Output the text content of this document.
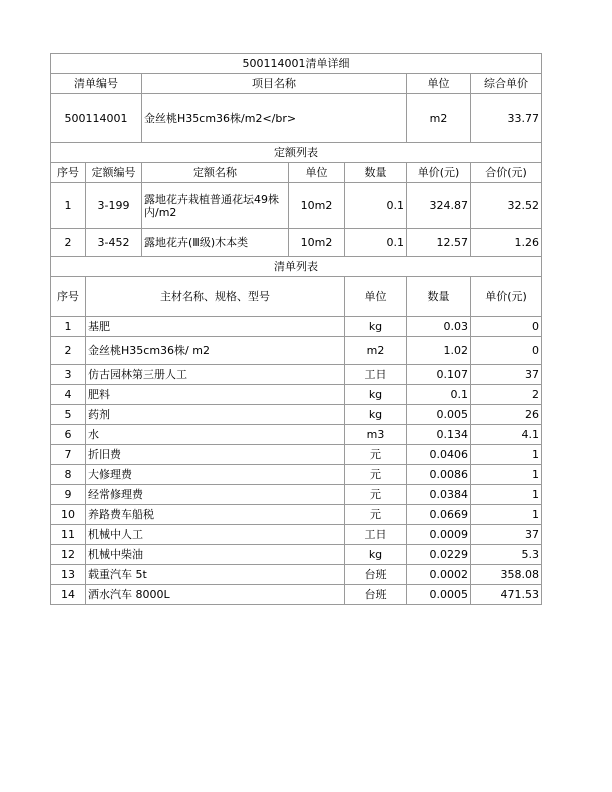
500114001清单详细							
清单编号		项目名称			单位	综合单价	
500114001		金丝桃H35cm36株/m2</br>			m2	33.77	
定额列表							
序号	定额编号	定额名称	单位	数量	单价(元)	合价(元)	
1	3-199	露地花卉栽植普通花坛49株内/m2	10m2	0.1	324.87	32.52	
2	3-452	露地花卉(Ⅲ级)木本类	10m2	0.1	12.57	1.26	
清单列表							
序号	主材名称、规格、型号			单位	数量	单价(元)	
1	基肥			kg	0.03	0	
2	金丝桃H35cm36株/ m2			m2	1.02	0	
3	仿古园林第三册人工			工日	0.107	37	
4	肥料			kg	0.1	2	
5	药剂			kg	0.005	26	
6	水			m3	0.134	4.1	
7	折旧费			元	0.0406	1	
8	大修理费			元	0.0086	1	
9	经常修理费			元	0.0384	1	
10	养路费车船税			元	0.0669	1	
11	机械中人工			工日	0.0009	37	
12	机械中柴油			kg	0.0229	5.3	
13	载重汽车 5t			台班	0.0002	358.08	
14	洒水汽车 8000L			台班	0.0005	471.53	
